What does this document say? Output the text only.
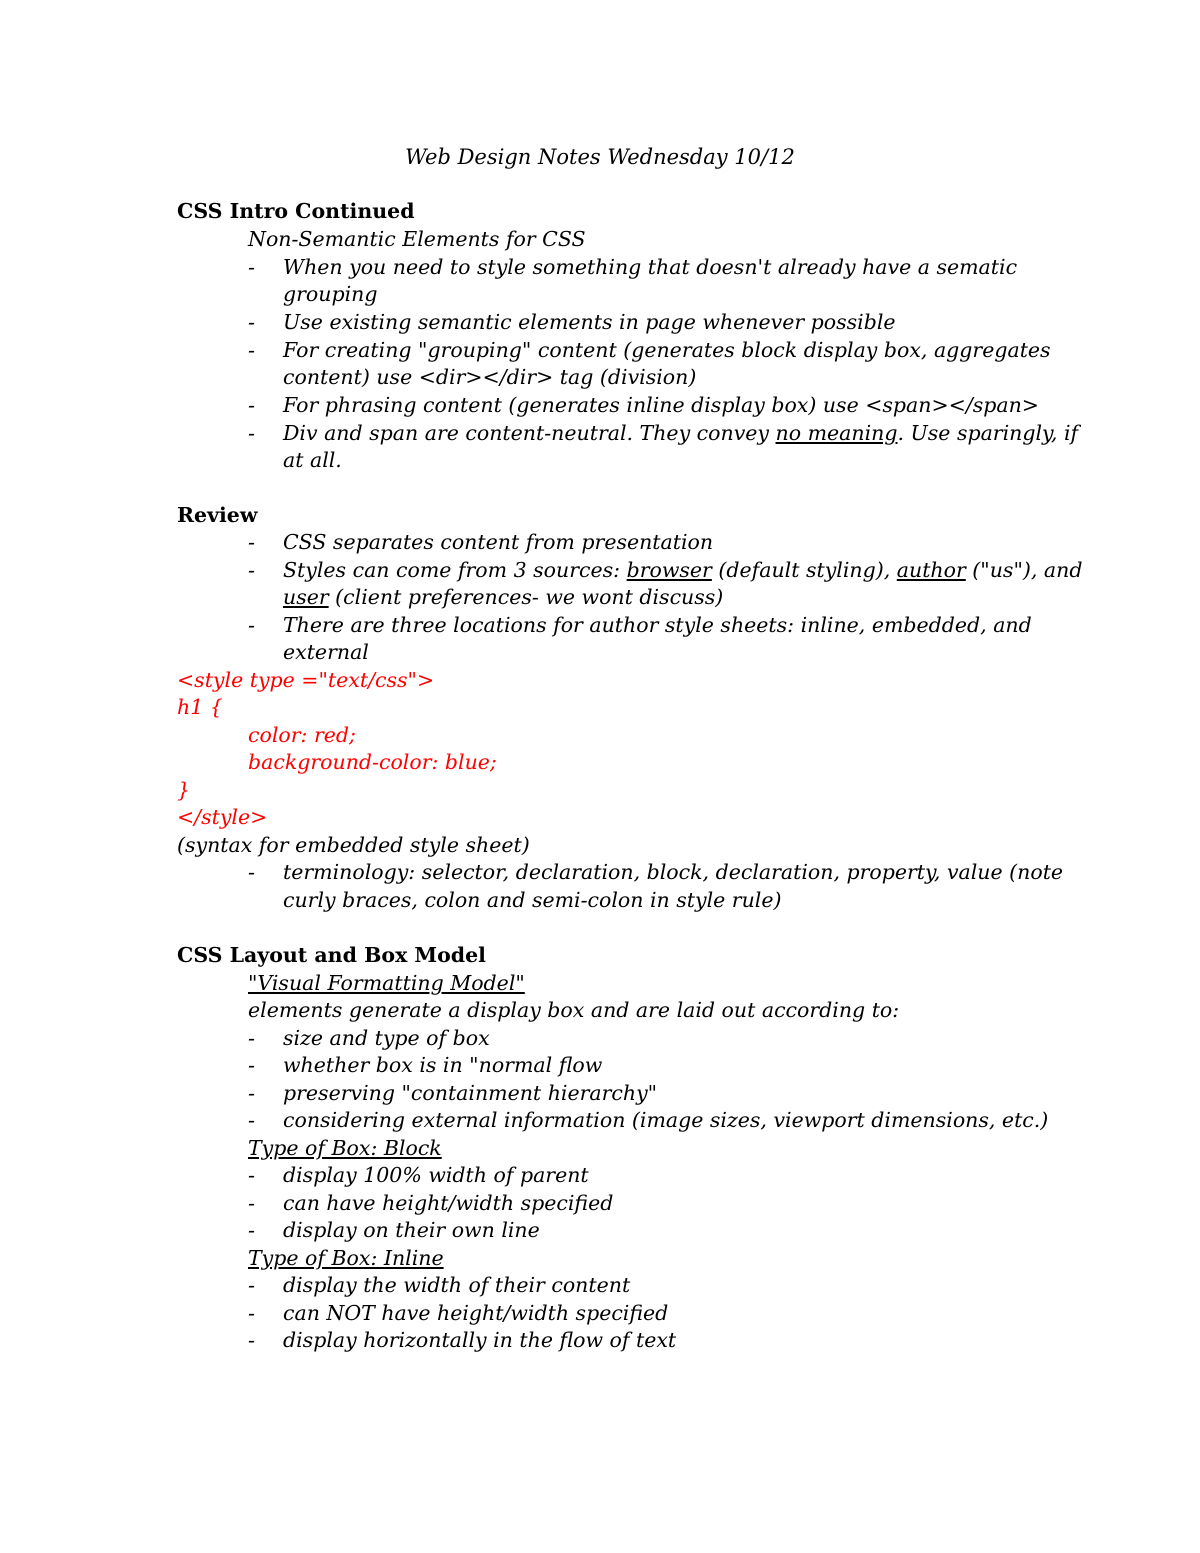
Web Design Notes Wednesday 10/12
CSS Intro Continued
Non-Semantic Elements for CSS
- When you need to style something that doesn't already have a sematic
grouping
- Use existing semantic elements in page whenever possible
- For creating "grouping" content (generates block display box, aggregates
content) use <dir></dir> tag (division)
- For phrasing content (generates inline display box) use <span></span>
- Div and span are content-neutral. They convey no meaning. Use sparingly, if
at all.
Review
- CSS separates content from presentation
- Styles can come from 3 sources: browser (default styling), author ("us"), and
user (client preferences- we wont discuss)
- There are three locations for author style sheets: inline, embedded, and
external
<style type ="text/css">
h1 {
color: red;
background-color: blue;
}
</style>
(syntax for embedded style sheet)
- terminology: selector, declaration, block, declaration, property, value (note
curly braces, colon and semi-colon in style rule)
CSS Layout and Box Model
"Visual Formatting Model"
elements generate a display box and are laid out according to:
- size and type of box
- whether box is in "normal flow
- preserving "containment hierarchy"
- considering external information (image sizes, viewport dimensions, etc.)
Type of Box: Block
- display 100% width of parent
- can have height/width specified
- display on their own line
Type of Box: Inline
- display the width of their content
- can NOT have height/width specified
- display horizontally in the flow of text
